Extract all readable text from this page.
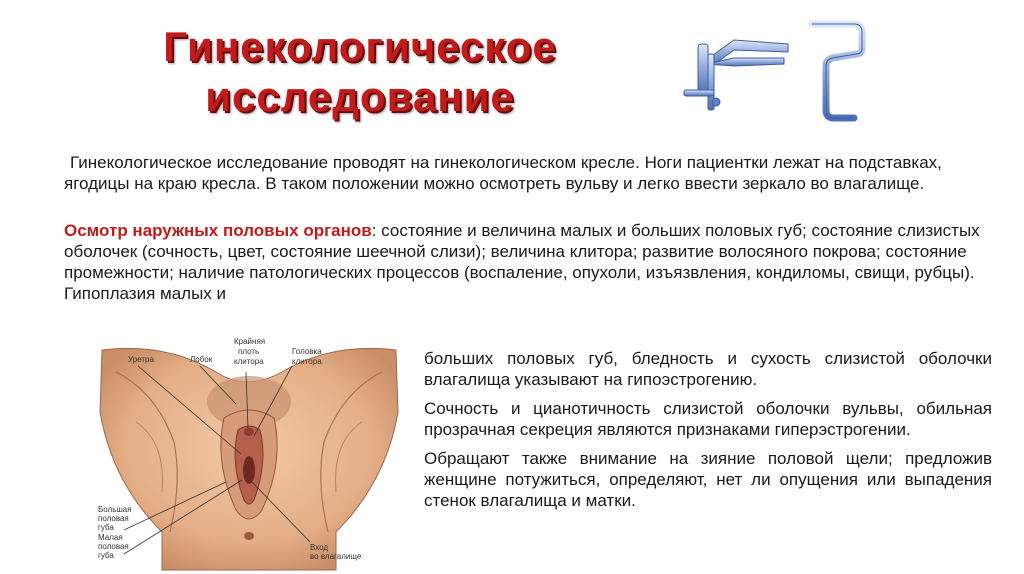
Гинекологическое
исследование

Гинекологическое исследование проводят на гинекологическом кресле. Ноги пациентки лежат на подставках, ягодицы на краю кресла. В таком положении можно осмотреть вульву и легко ввести зеркало во влагалище.

Осмотр наружных половых органов: состояние и величина малых и больших половых губ; состояние слизистых оболочек (сочность, цвет, состояние шеечной слизи); величина клитора; развитие волосяного покрова; состояние промежности; наличие патологических процессов (воспаление, опухоли, изъязвления, кондиломы, свищи, рубцы). Гипоплазия малых и

Уретра	Лобок
Крайняя
плоть
клитора
Головка
клитора
Большая
половая
губа
Малая
половая
губа
Вход
во влагалище

больших половых губ, бледность и сухость слизистой оболочки влагалища указывают на гипоэстрогению.

Сочность и цианотичность слизистой оболочки вульвы, обильная прозрачная секреция являются признаками гиперэстрогении.

Обращают также внимание на зияние половой щели; предложив женщине потужиться, определяют, нет ли опущения или выпадения стенок влагалища и матки.
